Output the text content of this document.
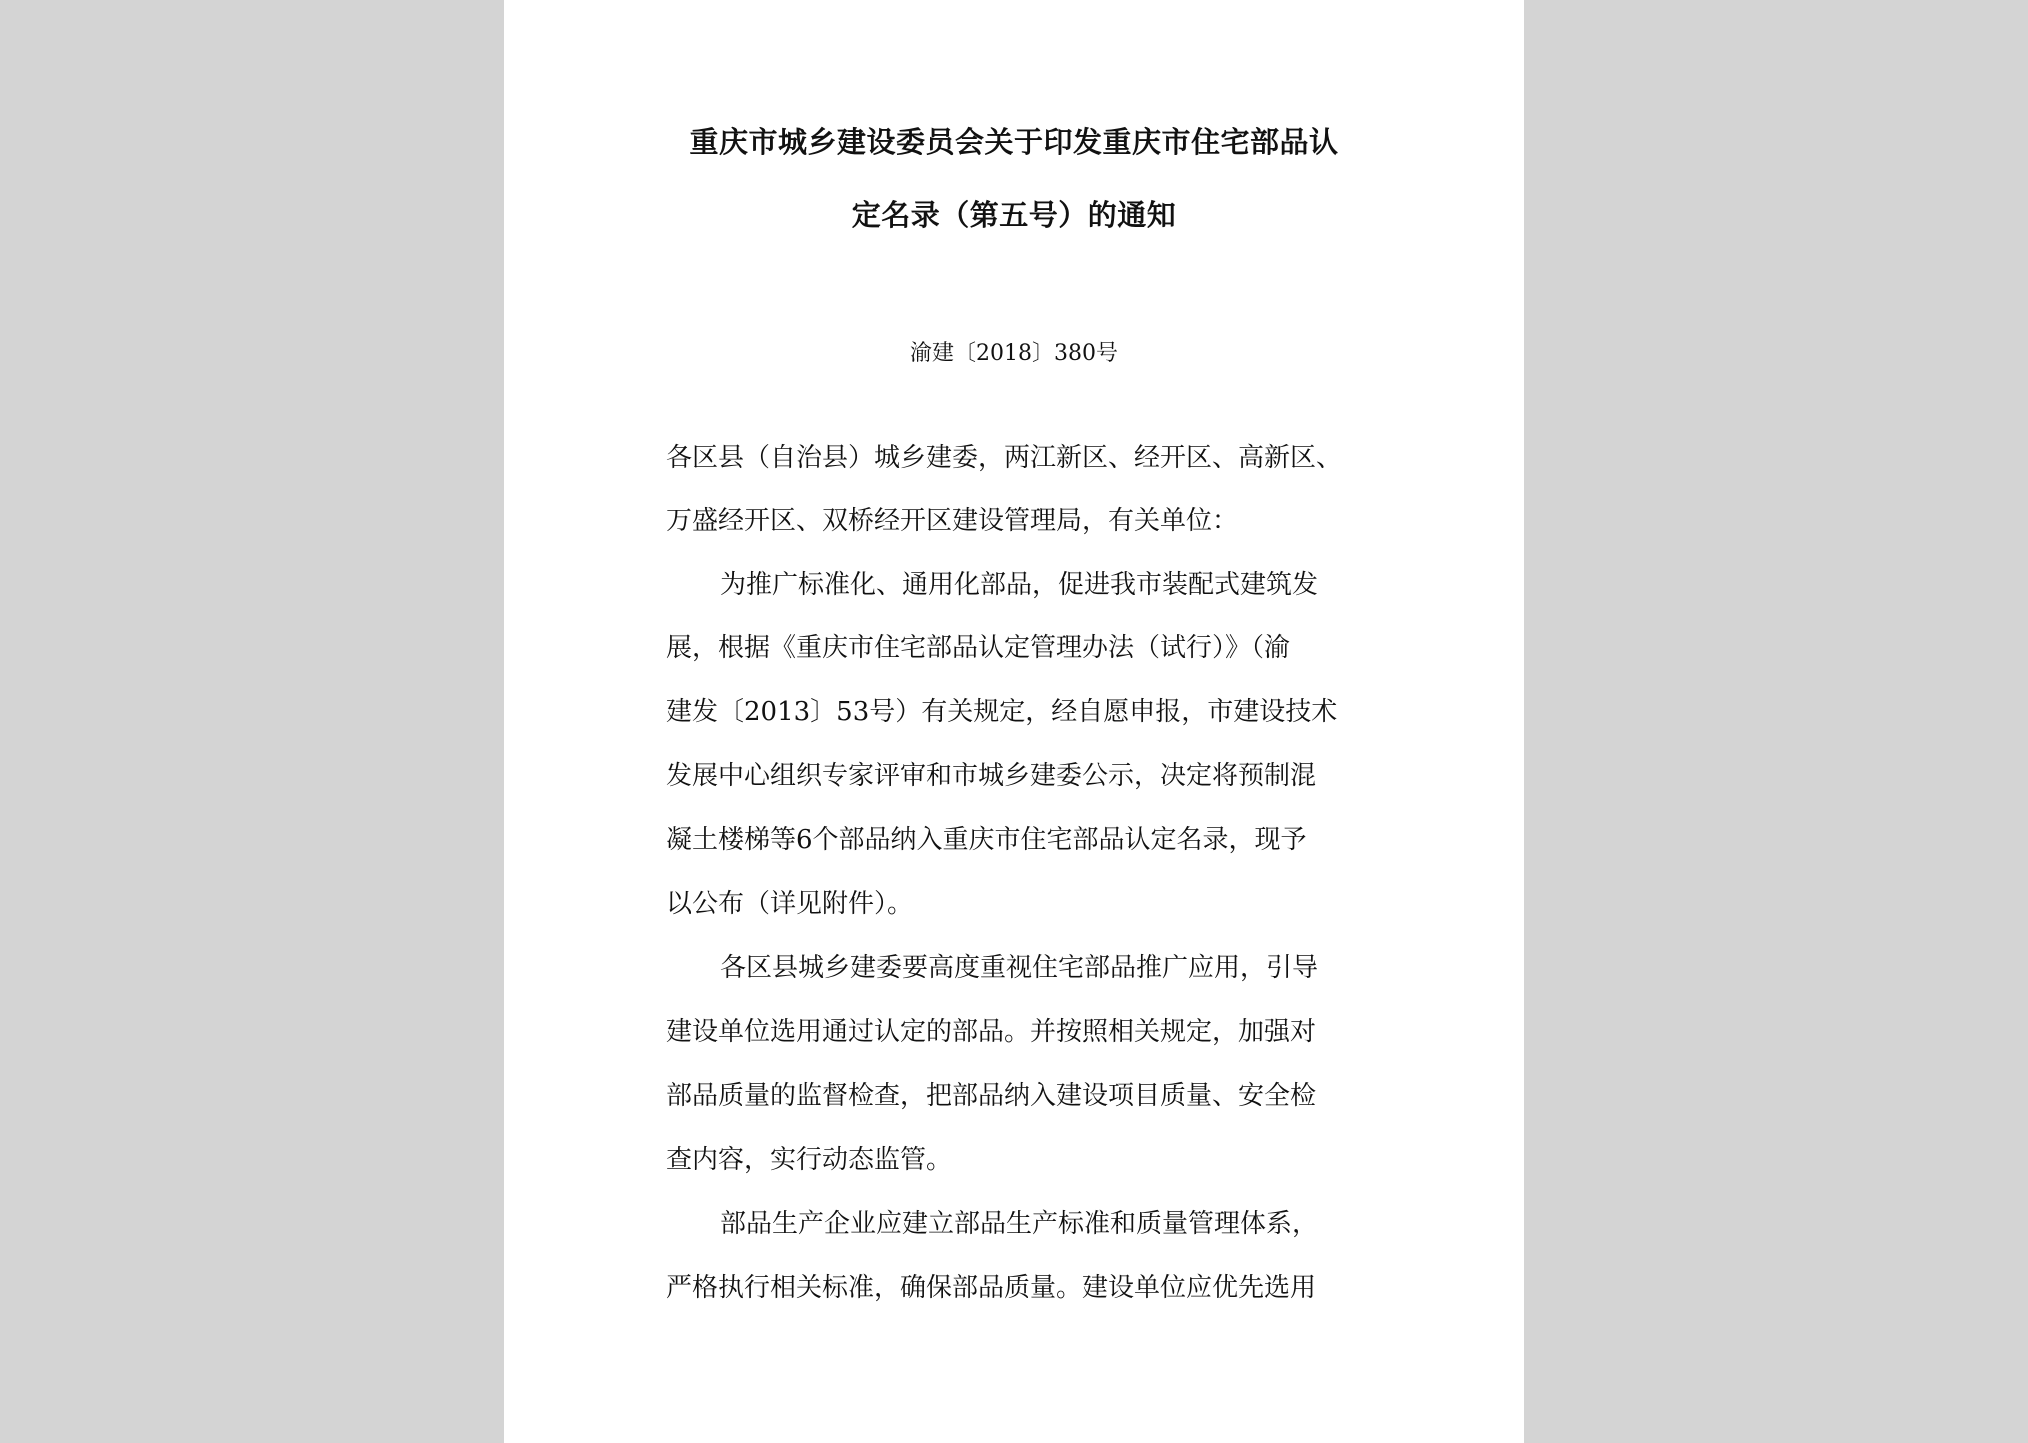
重庆市城乡建设委员会关于印发重庆市住宅部品认
定名录（第五号）的通知
渝建〔2018〕380号
各区县（自治县）城乡建委，两江新区、经开区、高新区、
万盛经开区、双桥经开区建设管理局，有关单位：
为推广标准化、通用化部品，促进我市装配式建筑发
展，根据《重庆市住宅部品认定管理办法（试行）》（渝
建发〔2013〕53号）有关规定，经自愿申报，市建设技术
发展中心组织专家评审和市城乡建委公示，决定将预制混
凝土楼梯等6个部品纳入重庆市住宅部品认定名录，现予
以公布（详见附件）。
各区县城乡建委要高度重视住宅部品推广应用，引导
建设单位选用通过认定的部品。并按照相关规定，加强对
部品质量的监督检查，把部品纳入建设项目质量、安全检
查内容，实行动态监管。
部品生产企业应建立部品生产标准和质量管理体系，
严格执行相关标准，确保部品质量。建设单位应优先选用
